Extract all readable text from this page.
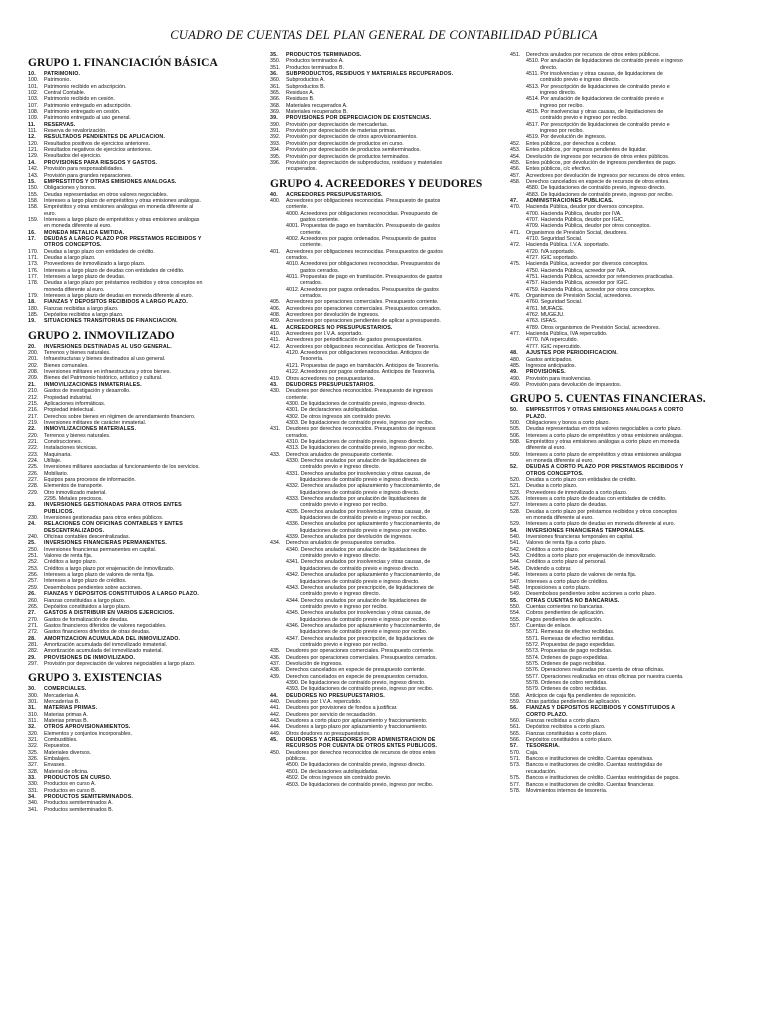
CUADRO DE CUENTAS DEL PLAN GENERAL DE CONTABILIDAD PÚBLICA
GRUPO 1. FINANCIACIÓN BÁSICA
10. PATRIMONIO.
100. Patrimonio.
101. Patrimonio recibido en adscripción.
102. Central Contable.
103. Patrimonio recibido en cesión.
107. Patrimonio entregado en adscripción.
108. Patrimonio entregado en cesión.
109. Patrimonio entregado al uso general.
11. RESERVAS.
111. Reserva de revalorización.
12. RESULTADOS PENDIENTES DE APLICACIÓN.
120. Resultados positivos de ejercicios anteriores.
121. Resultados negativos de ejercicios anteriores.
129. Resultados del ejercicio.
14. PROVISIONES PARA RIESGOS Y GASTOS.
142. Provisión para responsabilidades.
143. Provisión para grandes reparaciones.
15. EMPRÉSTITOS Y OTRAS EMISIONES ANÁLOGAS.
150. Obligaciones y bonos.
155. Deudas representadas en otros valores negociables.
158. Intereses a largo plazo de empréstitos y otras emisiones análogas.
158. Empréstitos y otras emisiones análogas en moneda diferente al
euro.
159. Intereses a largo plazo de empréstitos y otras emisiones análogas
en moneda diferente al euro.
16. MONEDA METÁLICA EMITIDA.
17. DEUDAS A LARGO PLAZO POR PRÉSTAMOS RECIBIDOS Y
OTROS CONCEPTOS.
170. Deudas a largo plazo con entidades de crédito.
171. Deudas a largo plazo.
173. Proveedores de inmovilizado a largo plazo.
176. Intereses a largo plazo de deudas con entidades de crédito.
177. Intereses a largo plazo de deudas.
178. Deudas a largo plazo por préstamos recibidos y otros conceptos en
moneda diferente al euro.
179. Intereses a largo plazo de deudas en moneda diferente al euro.
18. FIANZAS Y DEPÓSITOS RECIBIDOS A LARGO PLAZO.
180. Fianzas recibidas a largo plazo.
185. Depósitos recibidos a largo plazo.
19. SITUACIONES TRANSITORIAS DE FINANCIACIÓN.
GRUPO 2. INMOVILIZADO
20. INVERSIONES DESTINADAS AL USO GENERAL.
200. Terrenos y bienes naturales.
201. Infraestructuras y bienes destinados al uso general.
202. Bienes comunales.
208. Inversiones militares en infraestructura y otros bienes.
209. Bienes del Patrimonio histórico, artístico y cultural.
21. INMOVILIZACIONES INMATERIALES.
210. Gastos de investigación y desarrollo.
212. Propiedad industrial.
215. Aplicaciones informáticas.
216. Propiedad intelectual.
217. Derechos sobre bienes en régimen de arrendamiento financiero.
219. Inversiones militares de carácter inmaterial.
22. INMOVILIZACIONES MATERIALES.
220. Terrenos y bienes naturales.
221. Construcciones.
222. Instalaciones técnicas.
223. Maquinaria.
224. Utillaje.
225. Inversiones militares asociadas al funcionamiento de los servicios.
226. Mobiliario.
227. Equipos para procesos de información.
228. Elementos de transporte.
229. Otro inmovilizado material.
2295. Metales preciosos.
23. INVERSIONES GESTIONADAS PARA OTROS ENTES
PÚBLICOS.
230. Inversiones gestionadas para otros entes públicos.
24. RELACIONES CON OFICINAS CONTABLES Y ENTES
DESCENTRALIZADOS.
240. Oficinas contables descentralizadas.
25. INVERSIONES FINANCIERAS PERMANENTES.
250. Inversiones financieras permanentes en capital.
251. Valores de renta fija.
252. Créditos a largo plazo.
253. Créditos a largo plazo por enajenación de inmovilizado.
256. Intereses a largo plazo de valores de renta fija.
257. Intereses a largo plazo de créditos.
259. Desembolsos pendientes sobre acciones.
26. FIANZAS Y DEPÓSITOS CONSTITUIDOS A LARGO PLAZO.
260. Fianzas constituidas a largo plazo.
265. Depósitos constituidos a largo plazo.
27. GASTOS A DISTRIBUIR EN VARIOS EJERCICIOS.
270. Gastos de formalización de deudas.
271. Gastos financieros diferidos de valores negociables.
272. Gastos financieros diferidos de otras deudas.
28. AMORTIZACIÓN ACUMULADA DEL INMOVILIZADO.
281. Amortización acumulada del inmovilizado inmaterial.
282. Amortización acumulada del inmovilizado material.
29. PROVISIONES DE INMOVILIZADO.
297. Provisión por depreciación de valores negociables a largo plazo.
GRUPO 3. EXISTENCIAS
30. COMERCIALES.
300. Mercaderías A.
301. Mercaderías B.
31. MATERIAS PRIMAS.
310. Materias primas A.
311. Materias primas B.
32. OTROS APROVISIONAMIENTOS.
320. Elementos y conjuntos incorporables.
321. Combustibles.
322. Repuestos.
325. Materiales diversos.
326. Embalajes.
327. Envases.
328. Material de oficina.
33. PRODUCTOS EN CURSO.
330. Productos en curso A.
331. Productos en curso B.
34. PRODUCTOS SEMITERMINADOS.
340. Productos semiterminados A.
341. Productos semiterminados B.
35. PRODUCTOS TERMINADOS.
350. Productos terminados A.
351. Productos terminados B.
36. SUBPRODUCTOS, RESIDUOS Y MATERIALES RECUPERADOS.
360. Subproductos A.
361. Subproductos B.
365. Residuos A.
366. Residuos B.
368. Materiales recuperados A.
369. Materiales recuperados B.
39. PROVISIONES POR DEPRECIACIÓN DE EXISTENCIAS.
390. Provisión por depreciación de mercaderías.
391. Provisión por depreciación de materias primas.
392. Provisión por depreciación de otros aprovisionamientos.
393. Provisión por depreciación de productos en curso.
394. Provisión por depreciación de productos semiterminados.
395. Provisión por depreciación de productos terminados.
396. Provisión por depreciación de subproductos, residuos y materiales
recuperados.
GRUPO 4. ACREEDORES Y DEUDORES
40. ACREEDORES PRESUPUESTARIOS.
400. Acreedores por obligaciones reconocidas. Presupuesto de gastos
corriente.
4000. Acreedores por obligaciones reconocidas. Presupuesto de
gastos corriente.
4001. Propuestas de pago en tramitación. Presupuesto de gastos
corriente.
4002. Acreedores por pagos ordenados. Presupuesto de gastos
corriente.
401. Acreedores por obligaciones reconocidas. Presupuestos de gastos
cerrados.
4010. Acreedores por obligaciones reconocidas. Presupuestos de
gastos cerrados.
4011. Propuestas de pago en tramitación. Presupuestos de gastos
cerrados.
4012. Acreedores por pagos ordenados. Presupuestos de gastos
cerrados.
405. Acreedores por operaciones comerciales. Presupuesto corriente.
406. Acreedores por operaciones comerciales. Presupuestos cerrados.
408. Acreedores por devolución de ingresos.
409. Acreedores por operaciones pendientes de aplicar a presupuesto.
41. ACREEDORES NO PRESUPUESTARIOS.
410. Acreedores por I.V.A. soportado.
411. Acreedores por periodificación de gastos presupuestarios.
412. Acreedores por obligaciones reconocidas. Anticipos de Tesorería.
4120. Acreedores por obligaciones reconocidas. Anticipos de
Tesorería.
4121. Propuestas de pago en tramitación. Anticipos de Tesorería.
4122. Acreedores por pagos ordenados. Anticipos de Tesorería.
419. Otros acreedores no presupuestarios.
43. DEUDORES PRESUPUESTARIOS.
430. Deudores por derechos reconocidos. Presupuesto de ingresos
corriente.
4300. De liquidaciones de contraído previo, ingreso directo.
4301. De declaraciones autoliquidadas.
4302. De otros ingresos sin contraído previo.
4303. De liquidaciones de contraído previo, ingreso por recibo.
431. Deudores por derechos reconocidos. Presupuestos de ingresos
cerrados.
4310. De liquidaciones de contraído previo, ingreso directo.
4313. De liquidaciones de contraído previo, ingreso por recibo.
433. Derechos anulados de presupuesto corriente.
4330. Derechos anulados por anulación de liquidaciones de
contraído previo e ingreso directo.
4331. Derechos anulados por insolvencias y otras causas, de
liquidaciones de contraído previo e ingreso directo.
4332. Derechos anulados por aplazamiento y fraccionamiento, de
liquidaciones de contraído previo e ingreso directo.
4333. Derechos anulados por anulación de liquidaciones de
contraído previo e ingreso por recibo.
4335. Derechos anulados por insolvencias y otras causas, de
liquidaciones de contraído previo e ingreso por recibo.
4336. Derechos anulados por aplazamiento y fraccionamiento, de
liquidaciones de contraído previo e ingreso por recibo.
4339. Derechos anulados por devolución de ingresos.
434. Derechos anulados de presupuestos cerrados.
4340. Derechos anulados por anulación de liquidaciones de
contraído previo e ingreso directo.
4341. Derechos anulados por insolvencias y otras causas, de
liquidaciones de contraído previo e ingreso directo.
4342. Derechos anulados por aplazamiento y fraccionamiento, de
liquidaciones de contraído previo e ingreso directo.
4343. Derechos anulados por prescripción, de liquidaciones de
contraído previo e ingreso directo.
4344. Derechos anulados por anulación de liquidaciones de
contraído previo e ingreso por recibo.
4345. Derechos anulados por insolvencias y otras causas, de
liquidaciones de contraído previo e ingreso por recibo.
4346. Derechos anulados por aplazamiento y fraccionamiento, de
liquidaciones de contraído previo e ingreso por recibo.
4347. Derechos anulados por prescripción, de liquidaciones de
contraído previo e ingreso por recibo.
435. Deudores por operaciones comerciales. Presupuesto corriente.
436. Deudores por operaciones comerciales. Presupuestos cerrados.
437. Devolución de ingresos.
438. Derechos cancelados en especie de presupuesto corriente.
439. Derechos cancelados en especie de presupuestos cerrados.
4390. De liquidaciones de contraído previo, ingreso directo.
4393. De liquidaciones de contraído previo, ingreso por recibo.
44. DEUDORES NO PRESUPUESTARIOS.
440. Deudores por I.V.A. repercutido.
441. Deudores por provisiones de fondos a justificar.
442. Deudores por servicio de recaudación.
443. Deudores a corto plazo por aplazamiento y fraccionamiento.
444. Deudores a largo plazo por aplazamiento y fraccionamiento.
449. Otros deudores no presupuestarios.
45. DEUDORES Y ACREEDORES POR ADMINISTRACIÓN DE
RECURSOS POR CUENTA DE OTROS ENTES PÚBLICOS.
450. Deudores por derechos reconocidos de recursos de otros entes
públicos.
4500. De liquidaciones de contraído previo, ingreso directo.
4501. De declaraciones autoliquidadas.
4502. De otros ingresos sin contraído previo.
4503. De liquidaciones de contraído previo, ingreso por recibo.
451. Derechos anulados por recursos de otros entes públicos.
4510. Por anulación de liquidaciones de contraído previo e ingreso
directo.
4511. Por insolvencias y otras causas, de liquidaciones de
contraído previo e ingreso directo.
4513. Por prescripción de liquidaciones de contraído previo e
ingreso directo.
4514. Por anulación de liquidaciones de contraído previo e
ingreso por recibo.
4515. Por insolvencias y otras causas, de liquidaciones de
contraído previo e ingreso por recibo.
4517. Por prescripción de liquidaciones de contraído previo e
ingreso por recibo.
4519. Por devolución de ingresos.
452. Entes públicos, por derechos a cobrar.
453. Entes públicos, por ingresos pendientes de liquidar.
454. Devolución de ingresos por recursos de otros entes públicos.
455. Entes públicos, por devolución de ingresos pendientes de pago.
456. Entes públicos, c/c efectivo.
457. Acreedores por devolución de ingresos por recursos de otros entes.
458. Derechos cancelados en especie de recursos de otros entes.
4580. De liquidaciones de contraído previo, ingreso directo.
4583. De liquidaciones de contraído previo, ingreso por recibo.
47. ADMINISTRACIONES PÚBLICAS.
470. Hacienda Pública, deudor por diversos conceptos.
4700. Hacienda Pública, deudor por IVA.
4707. Hacienda Pública, deudor por IGIC.
4709. Hacienda Pública, deudor por otros conceptos.
471. Organismos de Previsión Social, deudores.
4710. Seguridad Social.
472. Hacienda Pública. I.V.A. soportado.
4720. IVA soportado.
4727. IGIC soportado.
475. Hacienda Pública, acreedor por diversos conceptos.
4750. Hacienda Pública, acreedor por IVA.
4751. Hacienda Pública, acreedor por retenciones practicadas.
4757. Hacienda Pública, acreedor por IGIC.
4759. Hacienda Pública, acreedor por otros conceptos.
476. Organismos de Previsión Social, acreedores.
4760. Seguridad Social.
4761. MUFACE.
4762. MUGEJU.
4763. ISFAS.
4789. Otros organismos de Previsión Social, acreedores.
477. Hacienda Pública, IVA repercutido.
4770. IVA repercutido.
4777. IGIC repercutido.
48. AJUSTES POR PERIODIFICACIÓN.
480. Gastos anticipados.
485. Ingresos anticipados.
49. PROVISIONES.
490. Provisión para insolvencias.
499. Provisión para devolución de impuestos.
GRUPO 5. CUENTAS FINANCIERAS.
50. EMPRÉSTITOS Y OTRAS EMISIONES ANÁLOGAS A CORTO
PLAZO.
500. Obligaciones y bonos a corto plazo.
505. Deudas representadas en otros valores negociables a corto plazo.
506. Intereses a corto plazo de empréstitos y otras emisiones análogas.
508. Empréstitos y otras emisiones análogas a corto plazo en moneda
diferente al euro.
509. Intereses a corto plazo de empréstitos y otras emisiones análogas
en moneda diferente al euro.
52. DEUDAS A CORTO PLAZO POR PRÉSTAMOS RECIBIDOS Y
OTROS CONCEPTOS.
520. Deudas a corto plazo con entidades de crédito.
521. Deudas a corto plazo.
523. Proveedores de inmovilizado a corto plazo.
526. Intereses a corto plazo de deudas con entidades de crédito.
527. Intereses a corto plazo de deudas.
528. Deudas a corto plazo por préstamos recibidos y otros conceptos
en moneda diferente al euro.
529. Intereses a corto plazo de deudas en moneda diferente al euro.
54. INVERSIONES FINANCIERAS TEMPORALES.
540. Inversiones financieras temporales en capital.
541. Valores de renta fija a corto plazo.
542. Créditos a corto plazo.
543. Créditos a corto plazo por enajenación de inmovilizado.
544. Créditos a corto plazo al personal.
545. Dividendo a cobrar.
546. Intereses a corto plazo de valores de renta fija.
547. Intereses a corto plazo de créditos.
548. Imposiciones a corto plazo.
549. Desembolsos pendientes sobre acciones a corto plazo.
55. OTRAS CUENTAS NO BANCARIAS.
550. Cuentas corrientes no bancarias.
554. Cobros pendientes de aplicación.
555. Pagos pendientes de aplicación.
557. Cuentas de enlace.
5571. Remesas de efectivo recibidas.
5571. Remesas de efectivo remitidas.
5572. Propuestas de pago expedidas.
5573. Propuestas de pago recibidas.
5574. Órdenes de pago expedidas.
5575. Órdenes de pago recibidas.
5576. Operaciones realizadas por cuenta de otras oficinas.
5577. Operaciones realizadas en otras oficinas por nuestra cuenta.
5578. Órdenes de cobro remitidas.
5579. Órdenes de cobro recibidas.
558. Anticipos de caja fija pendientes de reposición.
559. Otras partidas pendientes de aplicación.
56. FIANZAS Y DEPÓSITOS RECIBIDOS Y CONSTITUIDOS A
CORTO PLAZO.
560. Fianzas recibidas a corto plazo.
561. Depósitos recibidos a corto plazo.
565. Fianzas constituidas a corto plazo.
566. Depósitos constituidos a corto plazo.
57. TESORERÍA.
570. Caja.
571. Bancos e instituciones de crédito. Cuentas operativas.
573. Bancos e instituciones de crédito. Cuentas restringidas de
recaudación.
575. Bancos e instituciones de crédito. Cuentas restringidas de pagos.
577. Bancos e instituciones de crédito. Cuentas financieras.
578. Movimientos internos de tesorería.
